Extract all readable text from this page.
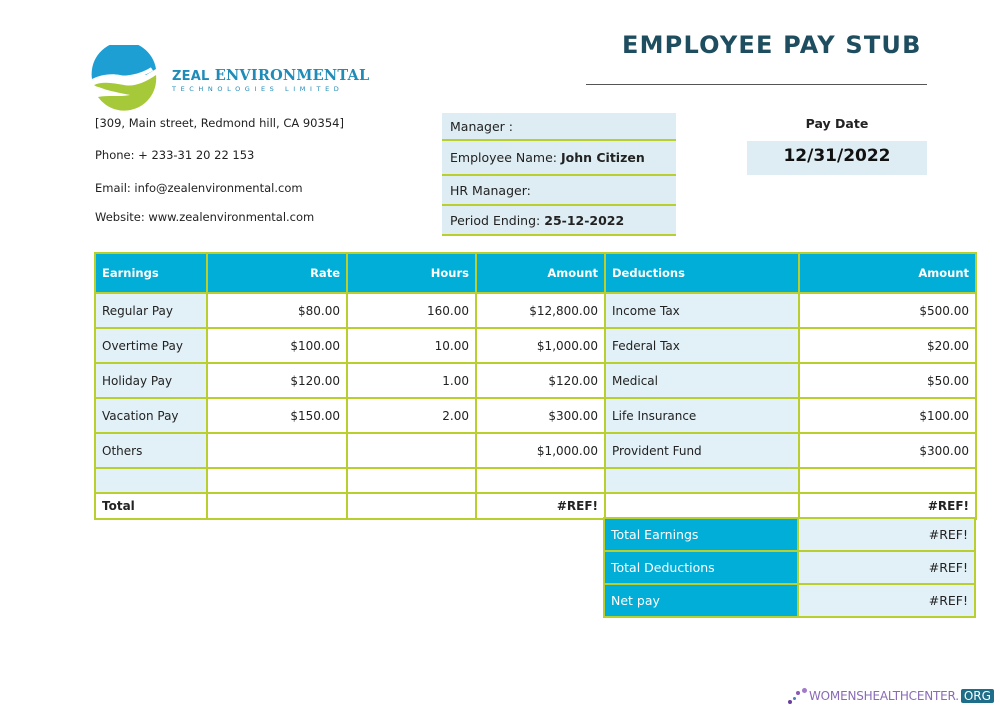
ZEAL ENVIRONMENTAL
TECHNOLOGIES LIMITED
EMPLOYEE PAY STUB
[309, Main street, Redmond hill, CA 90354]
Phone: + 233-31 20 22 153
Email: info@zealenvironmental.com
Website: www.zealenvironmental.com
Manager :
Employee Name: John Citizen
HR Manager:
Period Ending: 25-12-2022
Pay Date
12/31/2022
Earnings	Rate	Hours	Amount	Deductions	Amount
Regular Pay	$80.00	160.00	$12,800.00	Income Tax	$500.00
Overtime Pay	$100.00	10.00	$1,000.00	Federal Tax	$20.00
Holiday Pay	$120.00	1.00	$120.00	Medical	$50.00
Vacation Pay	$150.00	2.00	$300.00	Life Insurance	$100.00
Others			$1,000.00	Provident Fund	$300.00

Total			#REF!		#REF!
Total Earnings	#REF!
Total Deductions	#REF!
Net pay	#REF!
WOMENSHEALTHCENTER. ORG
